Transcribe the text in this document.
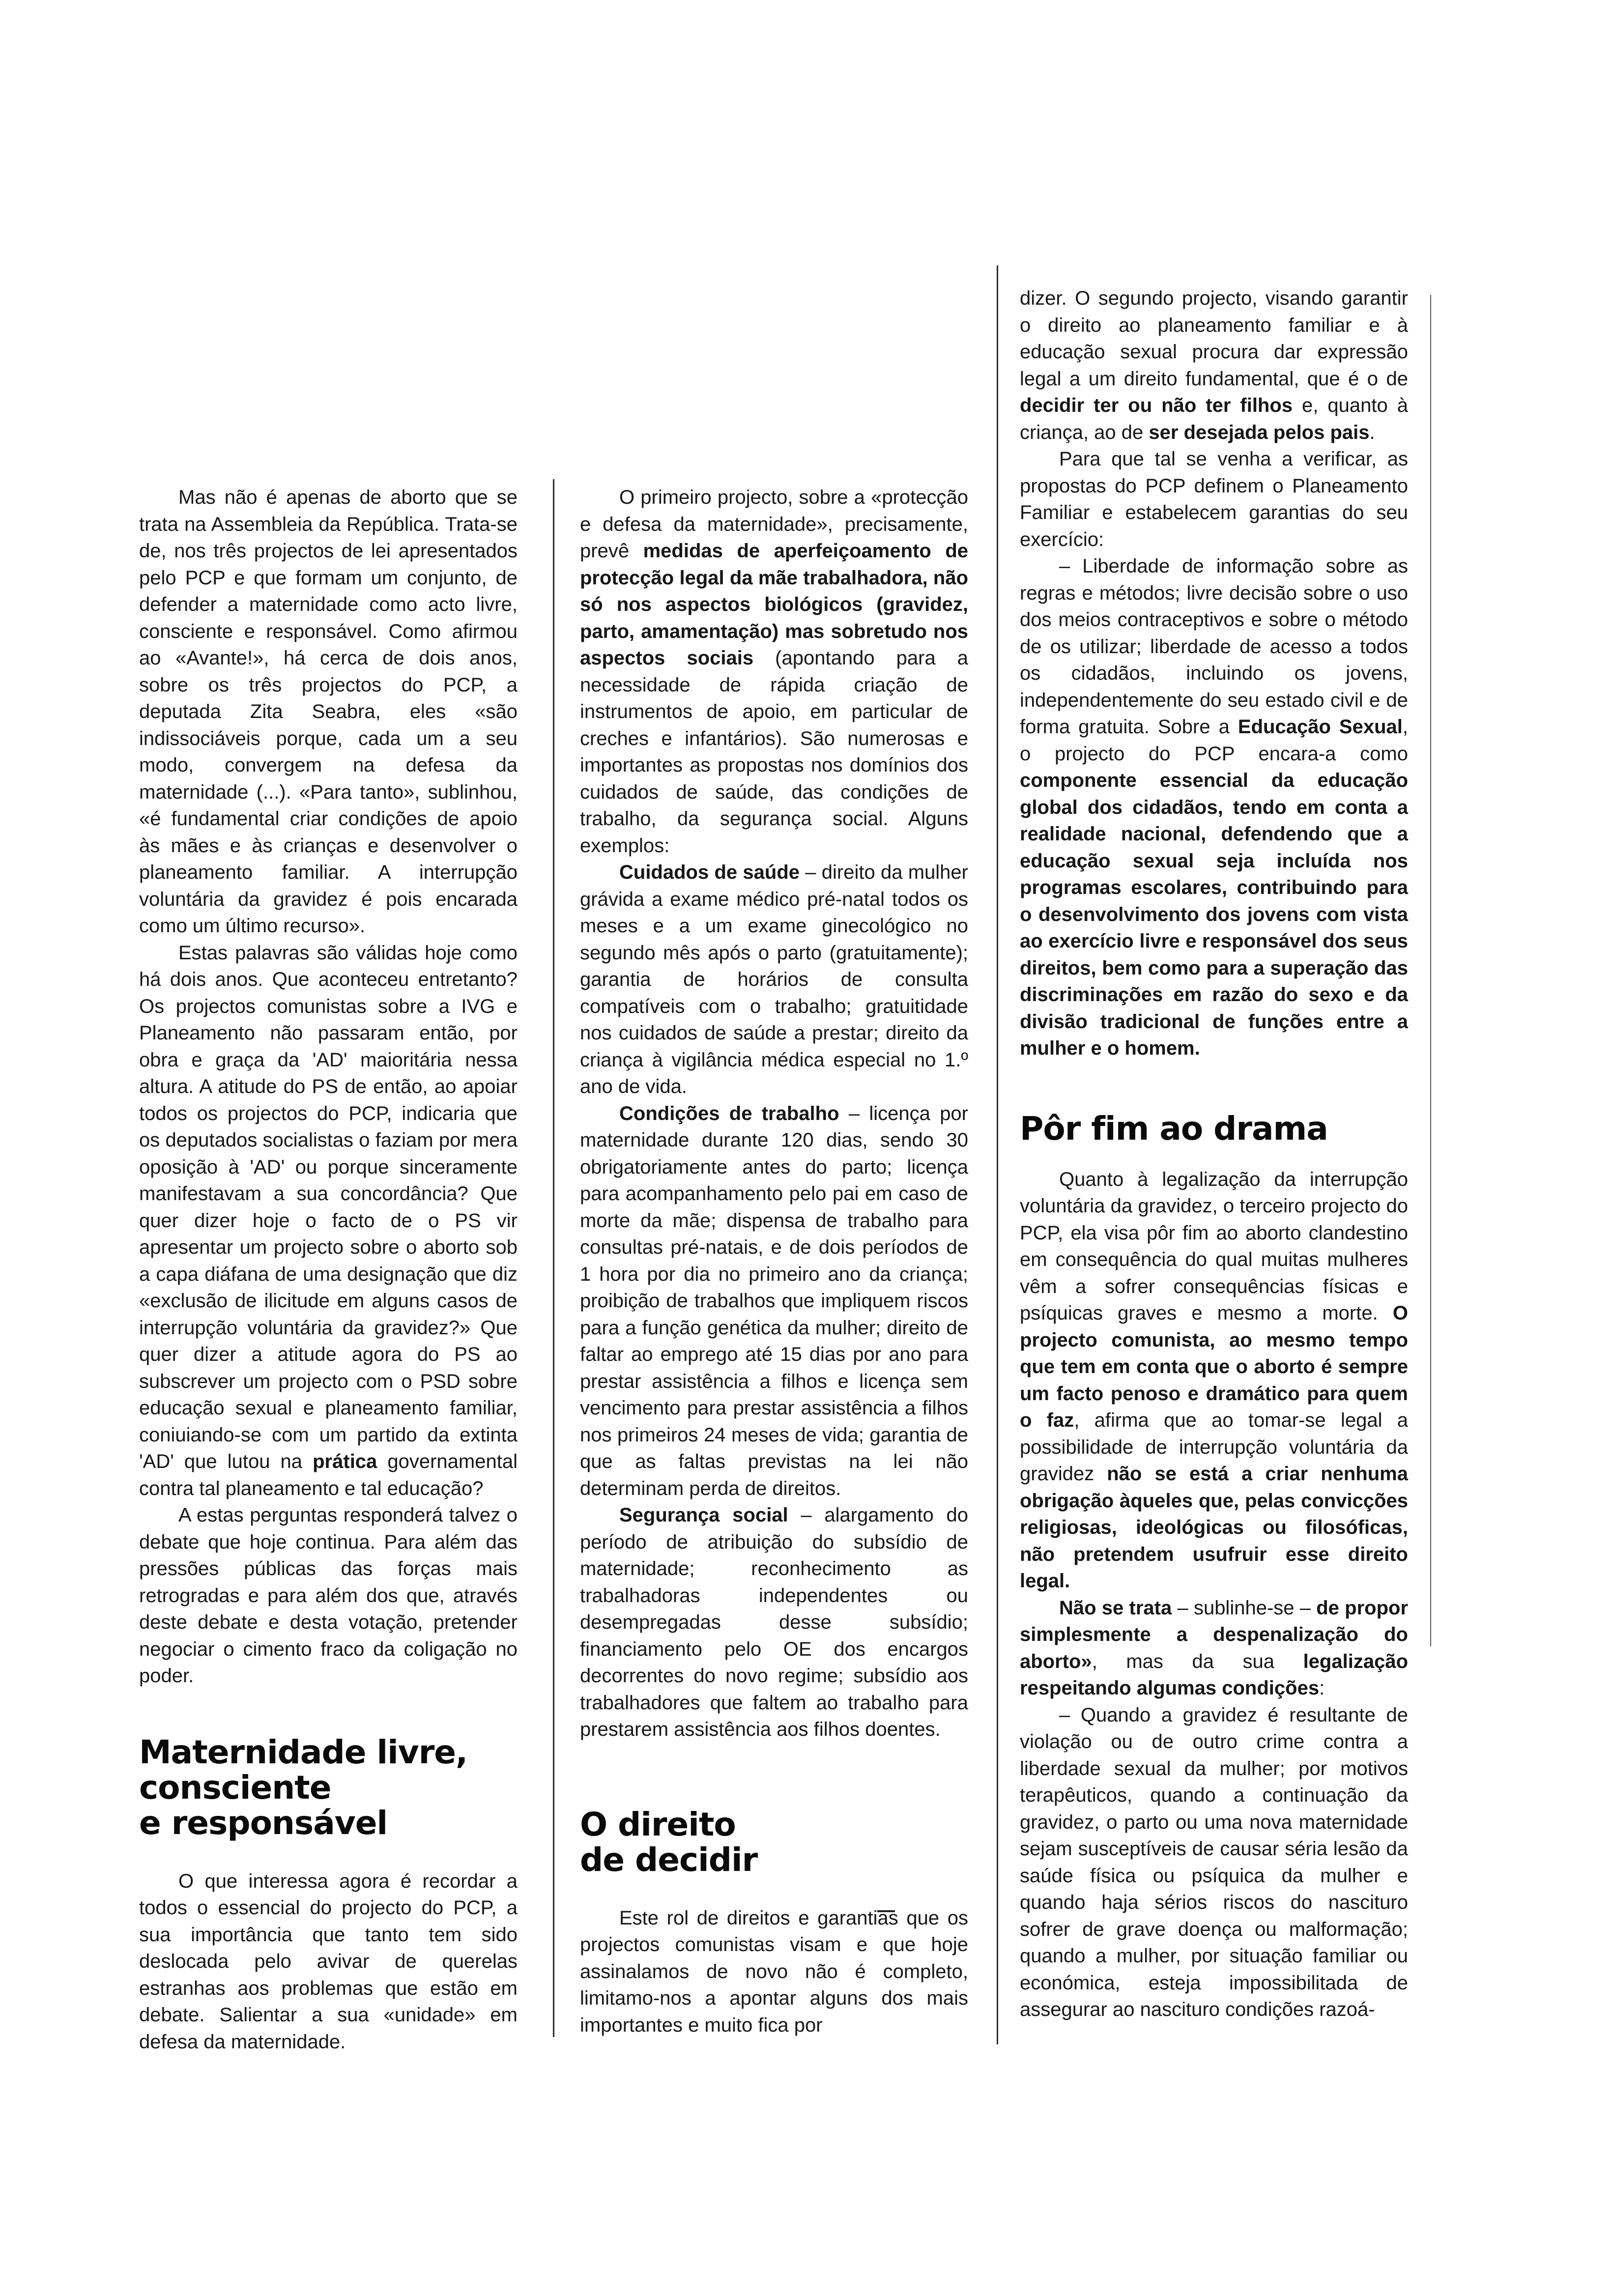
Mas não é apenas de aborto que se trata na Assembleia da República. Trata-se de, nos três projectos de lei apresentados pelo PCP e que formam um conjunto, de defender a maternidade como acto livre, consciente e responsável. Como afirmou ao «Avante!», há cerca de dois anos, sobre os três projectos do PCP, a deputada Zita Seabra, eles «são indissociáveis porque, cada um a seu modo, convergem na defesa da maternidade (...). «Para tanto», sublinhou, «é fundamental criar condições de apoio às mães e às crianças e desenvolver o planeamento familiar. A interrupção voluntária da gravidez é pois encarada como um último recurso».

Estas palavras são válidas hoje como há dois anos. Que aconteceu entretanto? Os projectos comunistas sobre a IVG e Planeamento não passaram então, por obra e graça da 'AD' maioritária nessa altura. A atitude do PS de então, ao apoiar todos os projectos do PCP, indicaria que os deputados socialistas o faziam por mera oposição à 'AD' ou porque sinceramente manifestavam a sua concordância? Que quer dizer hoje o facto de o PS vir apresentar um projecto sobre o aborto sob a capa diáfana de uma designação que diz «exclusão de ilicitude em alguns casos de interrupção voluntária da gravidez?» Que quer dizer a atitude agora do PS ao subscrever um projecto com o PSD sobre educação sexual e planeamento familiar, coniuiando-se com um partido da extinta 'AD' que lutou na prática governamental contra tal planeamento e tal educação?

A estas perguntas responderá talvez o debate que hoje continua. Para além das pressões públicas das forças mais retrogradas e para além dos que, através deste debate e desta votação, pretender negociar o cimento fraco da coligação no poder.

Maternidade livre,
consciente
e responsável

O que interessa agora é recordar a todos o essencial do projecto do PCP, a sua importância que tanto tem sido deslocada pelo avivar de querelas estranhas aos problemas que estão em debate. Salientar a sua «unidade» em defesa da maternidade.

O primeiro projecto, sobre a «protecção e defesa da maternidade», precisamente, prevê medidas de aperfeiçoamento de protecção legal da mãe trabalhadora, não só nos aspectos biológicos (gravidez, parto, amamentação) mas sobretudo nos aspectos sociais (apontando para a necessidade de rápida criação de instrumentos de apoio, em particular de creches e infantários). São numerosas e importantes as propostas nos domínios dos cuidados de saúde, das condições de trabalho, da segurança social. Alguns exemplos:

Cuidados de saúde – direito da mulher grávida a exame médico pré-natal todos os meses e a um exame ginecológico no segundo mês após o parto (gratuitamente); garantia de horários de consulta compatíveis com o trabalho; gratuitidade nos cuidados de saúde a prestar; direito da criança à vigilância médica especial no 1.º ano de vida.

Condições de trabalho – licença por maternidade durante 120 dias, sendo 30 obrigatoriamente antes do parto; licença para acompanhamento pelo pai em caso de morte da mãe; dispensa de trabalho para consultas pré-natais, e de dois períodos de 1 hora por dia no primeiro ano da criança; proibição de trabalhos que impliquem riscos para a função genética da mulher; direito de faltar ao emprego até 15 dias por ano para prestar assistência a filhos e licença sem vencimento para prestar assistência a filhos nos primeiros 24 meses de vida; garantia de que as faltas previstas na lei não determinam perda de direitos.

Segurança social – alargamento do período de atribuição do subsídio de maternidade; reconhecimento as trabalhadoras independentes ou desempregadas desse subsídio; financiamento pelo OE dos encargos decorrentes do novo regime; subsídio aos trabalhadores que faltem ao trabalho para prestarem assistência aos filhos doentes.

O direito
de decidir

Este rol de direitos e garantias que os projectos comunistas visam e que hoje assinalamos de novo não é completo, limitamo-nos a apontar alguns dos mais importantes e muito fica por

dizer. O segundo projecto, visando garantir o direito ao planeamento familiar e à educação sexual procura dar expressão legal a um direito fundamental, que é o de decidir ter ou não ter filhos e, quanto à criança, ao de ser desejada pelos pais.

Para que tal se venha a verificar, as propostas do PCP definem o Planeamento Familiar e estabelecem garantias do seu exercício:

– Liberdade de informação sobre as regras e métodos; livre decisão sobre o uso dos meios contraceptivos e sobre o método de os utilizar; liberdade de acesso a todos os cidadãos, incluindo os jovens, independentemente do seu estado civil e de forma gratuita. Sobre a Educação Sexual, o projecto do PCP encara-a como componente essencial da educação global dos cidadãos, tendo em conta a realidade nacional, defendendo que a educação sexual seja incluída nos programas escolares, contribuindo para o desenvolvimento dos jovens com vista ao exercício livre e responsável dos seus direitos, bem como para a superação das discriminações em razão do sexo e da divisão tradicional de funções entre a mulher e o homem.

Pôr fim ao drama

Quanto à legalização da interrupção voluntária da gravidez, o terceiro projecto do PCP, ela visa pôr fim ao aborto clandestino em consequência do qual muitas mulheres vêm a sofrer consequências físicas e psíquicas graves e mesmo a morte. O projecto comunista, ao mesmo tempo que tem em conta que o aborto é sempre um facto penoso e dramático para quem o faz, afirma que ao tomar-se legal a possibilidade de interrupção voluntária da gravidez não se está a criar nenhuma obrigação àqueles que, pelas convicções religiosas, ideológicas ou filosóficas, não pretendem usufruir esse direito legal.

Não se trata – sublinhe-se – de propor simplesmente a despenalização do aborto», mas da sua legalização respeitando algumas condições:

– Quando a gravidez é resultante de violação ou de outro crime contra a liberdade sexual da mulher; por motivos terapêuticos, quando a continuação da gravidez, o parto ou uma nova maternidade sejam susceptíveis de causar séria lesão da saúde física ou psíquica da mulher e quando haja sérios riscos do nascituro sofrer de grave doença ou malformação; quando a mulher, por situação familiar ou económica, esteja impossibilitada de assegurar ao nascituro condições razoá-
